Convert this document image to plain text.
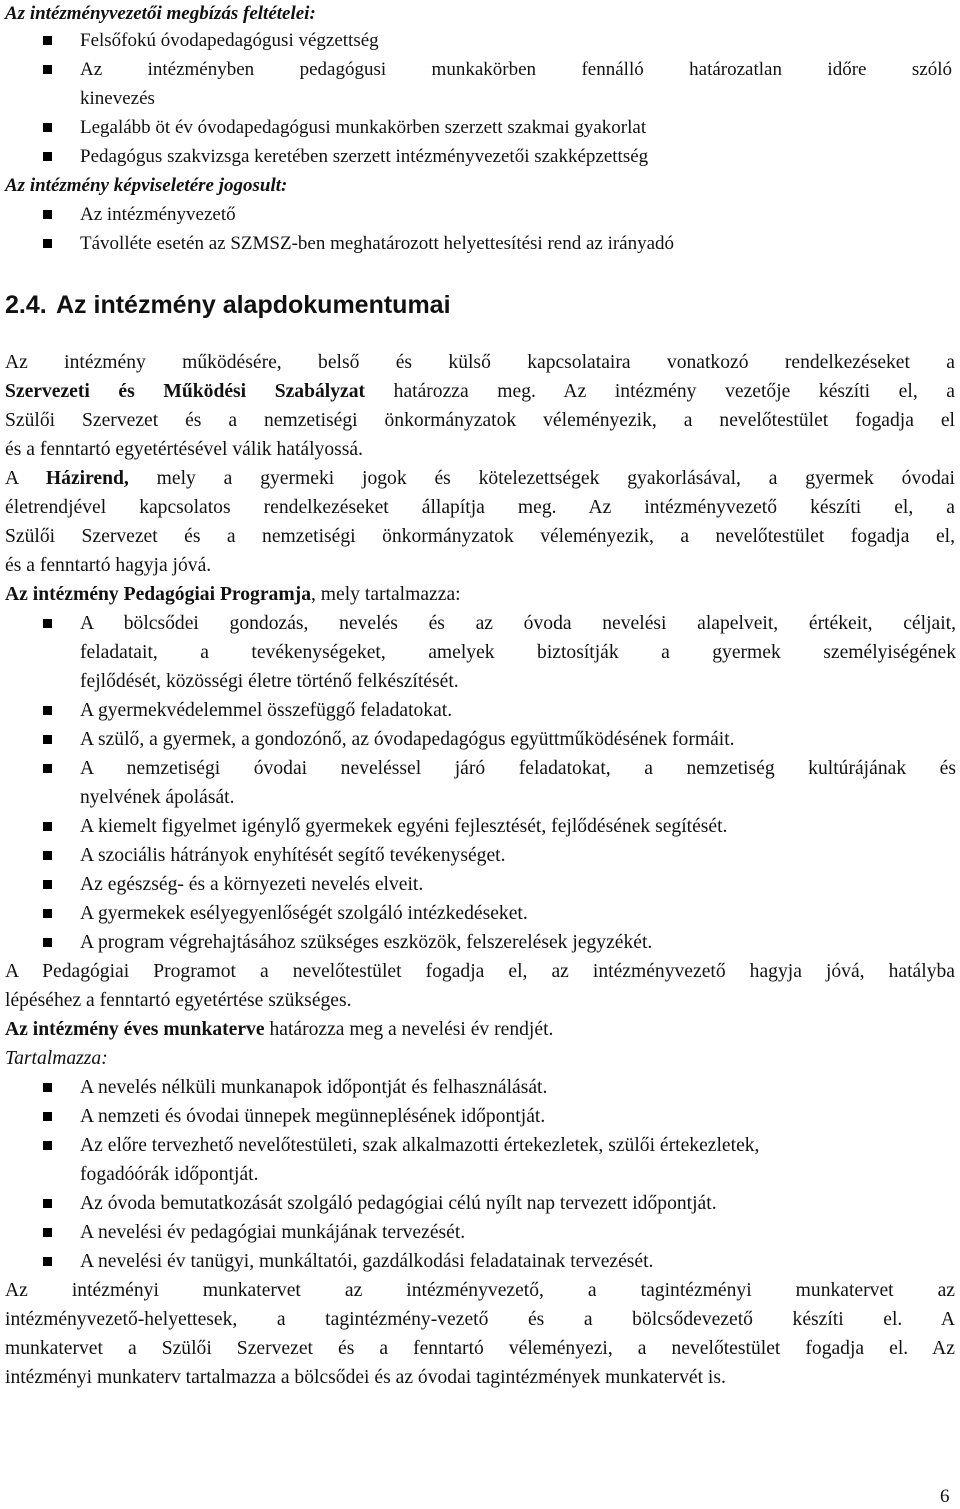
Az intézményvezetői megbízás feltételei:
Felsőfokú óvodapedagógusi végzettség
Az intézményben pedagógusi munkakörben fennálló határozatlan időre szóló
kinevezés
Legalább öt év óvodapedagógusi munkakörben szerzett szakmai gyakorlat
Pedagógus szakvizsga keretében szerzett intézményvezetői szakképzettség
Az intézmény képviseletére jogosult:
Az intézményvezető
Távolléte esetén az SZMSZ-ben meghatározott helyettesítési rend az irányadó
2.4. Az intézmény alapdokumentumai
Az intézmény működésére, belső és külső kapcsolataira vonatkozó rendelkezéseket a
Szervezeti és Működési Szabályzat határozza meg. Az intézmény vezetője készíti el, a
Szülői Szervezet és a nemzetiségi önkormányzatok véleményezik, a nevelőtestület fogadja el
és a fenntartó egyetértésével válik hatályossá.
A Házirend, mely a gyermeki jogok és kötelezettségek gyakorlásával, a gyermek óvodai
életrendjével kapcsolatos rendelkezéseket állapítja meg. Az intézményvezető készíti el, a
Szülői Szervezet és a nemzetiségi önkormányzatok véleményezik, a nevelőtestület fogadja el,
és a fenntartó hagyja jóvá.
Az intézmény Pedagógiai Programja, mely tartalmazza:
A bölcsődei gondozás, nevelés és az óvoda nevelési alapelveit, értékeit, céljait,
feladatait, a tevékenységeket, amelyek biztosítják a gyermek személyiségének
fejlődését, közösségi életre történő felkészítését.
A gyermekvédelemmel összefüggő feladatokat.
A szülő, a gyermek, a gondozónő, az óvodapedagógus együttműködésének formáit.
A nemzetiségi óvodai neveléssel járó feladatokat, a nemzetiség kultúrájának és
nyelvének ápolását.
A kiemelt figyelmet igénylő gyermekek egyéni fejlesztését, fejlődésének segítését.
A szociális hátrányok enyhítését segítő tevékenységet.
Az egészség- és a környezeti nevelés elveit.
A gyermekek esélyegyenlőségét szolgáló intézkedéseket.
A program végrehajtásához szükséges eszközök, felszerelések jegyzékét.
A Pedagógiai Programot a nevelőtestület fogadja el, az intézményvezető hagyja jóvá, hatályba
lépéséhez a fenntartó egyetértése szükséges.
Az intézmény éves munkaterve határozza meg a nevelési év rendjét.
Tartalmazza:
A nevelés nélküli munkanapok időpontját és felhasználását.
A nemzeti és óvodai ünnepek megünneplésének időpontját.
Az előre tervezhető nevelőtestületi, szak alkalmazotti értekezletek, szülői értekezletek,
fogadóórák időpontját.
Az óvoda bemutatkozását szolgáló pedagógiai célú nyílt nap tervezett időpontját.
A nevelési év pedagógiai munkájának tervezését.
A nevelési év tanügyi, munkáltatói, gazdálkodási feladatainak tervezését.
Az intézményi munkatervet az intézményvezető, a tagintézményi munkatervet az
intézményvezető-helyettesek, a tagintézmény-vezető és a bölcsődevezető készíti el. A
munkatervet a Szülői Szervezet és a fenntartó véleményezi, a nevelőtestület fogadja el. Az
intézményi munkaterv tartalmazza a bölcsődei és az óvodai tagintézmények munkatervét is.
6
